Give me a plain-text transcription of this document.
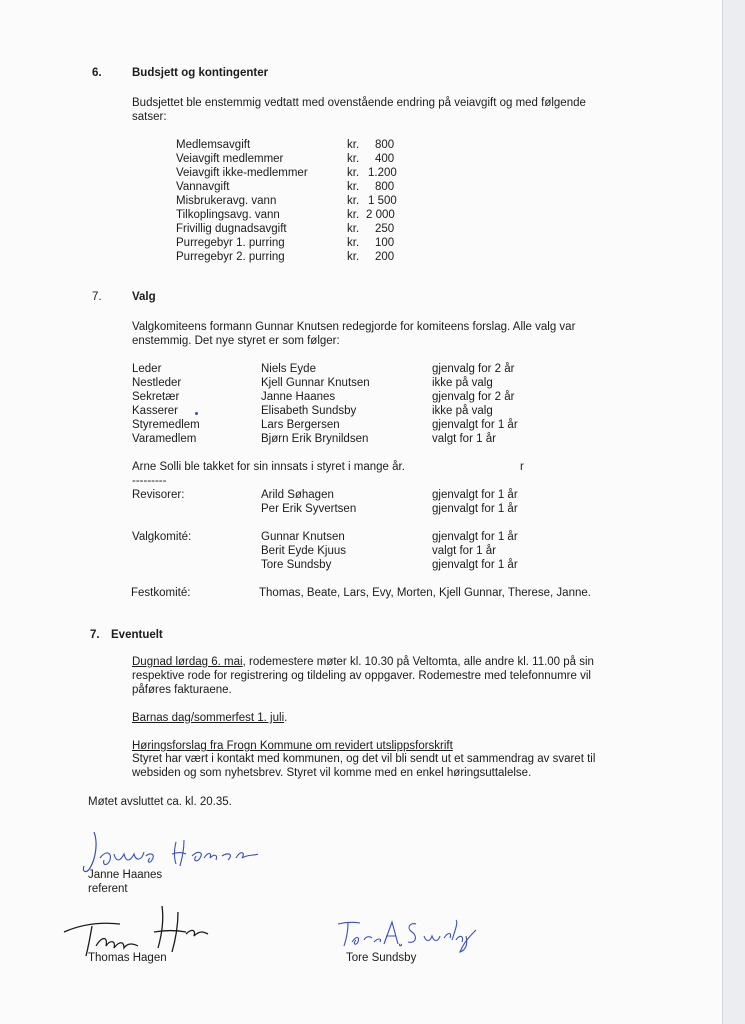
6.	Budsjett og kontingenter
Budsjettet ble enstemmig vedtatt med ovenstående endring på veiavgift og med følgende
satser:
Medlemsavgift	kr. 800
Veiavgift medlemmer	kr. 400
Veiavgift ikke-medlemmer	kr. 1.200
Vannavgift	kr. 800
Misbrukeravg. vann	kr. 1 500
Tilkoplingsavg. vann	kr. 2 000
Frivillig dugnadsavgift	kr. 250
Purregebyr 1. purring	kr. 100
Purregebyr 2. purring	kr. 200
7.	Valg
Valgkomiteens formann Gunnar Knutsen redegjorde for komiteens forslag. Alle valg var
enstemmig. Det nye styret er som følger:
Leder	Niels Eyde	gjenvalg for 2 år
Nestleder	Kjell Gunnar Knutsen	ikke på valg
Sekretær	Janne Haanes	gjenvalg for 2 år
Kasserer	Elisabeth Sundsby	ikke på valg
Styremedlem	Lars Bergersen	gjenvalgt for 1 år
Varamedlem	Bjørn Erik Brynildsen	valgt for 1 år
Arne Solli ble takket for sin innsats i styret i mange år.	r
---------
Revisorer:	Arild Søhagen	gjenvalgt for 1 år
Per Erik Syvertsen	gjenvalgt for 1 år
Valgkomité:	Gunnar Knutsen	gjenvalgt for 1 år
Berit Eyde Kjuus	valgt for 1 år
Tore Sundsby	gjenvalgt for 1 år
Festkomité:	Thomas, Beate, Lars, Evy, Morten, Kjell Gunnar, Therese, Janne.
7. Eventuelt
Dugnad lørdag 6. mai, rodemestere møter kl. 10.30 på Veltomta, alle andre kl. 11.00 på sin
respektive rode for registrering og tildeling av oppgaver. Rodemestre med telefonnumre vil
påføres fakturaene.
Barnas dag/sommerfest 1. juli.
Høringsforslag fra Frogn Kommune om revidert utslippsforskrift
Styret har vært i kontakt med kommunen, og det vil bli sendt ut et sammendrag av svaret til
websiden og som nyhetsbrev. Styret vil komme med en enkel høringsuttalelse.
Møtet avsluttet ca. kl. 20.35.
Janne Haanes
referent
Thomas Hagen	Tore Sundsby
